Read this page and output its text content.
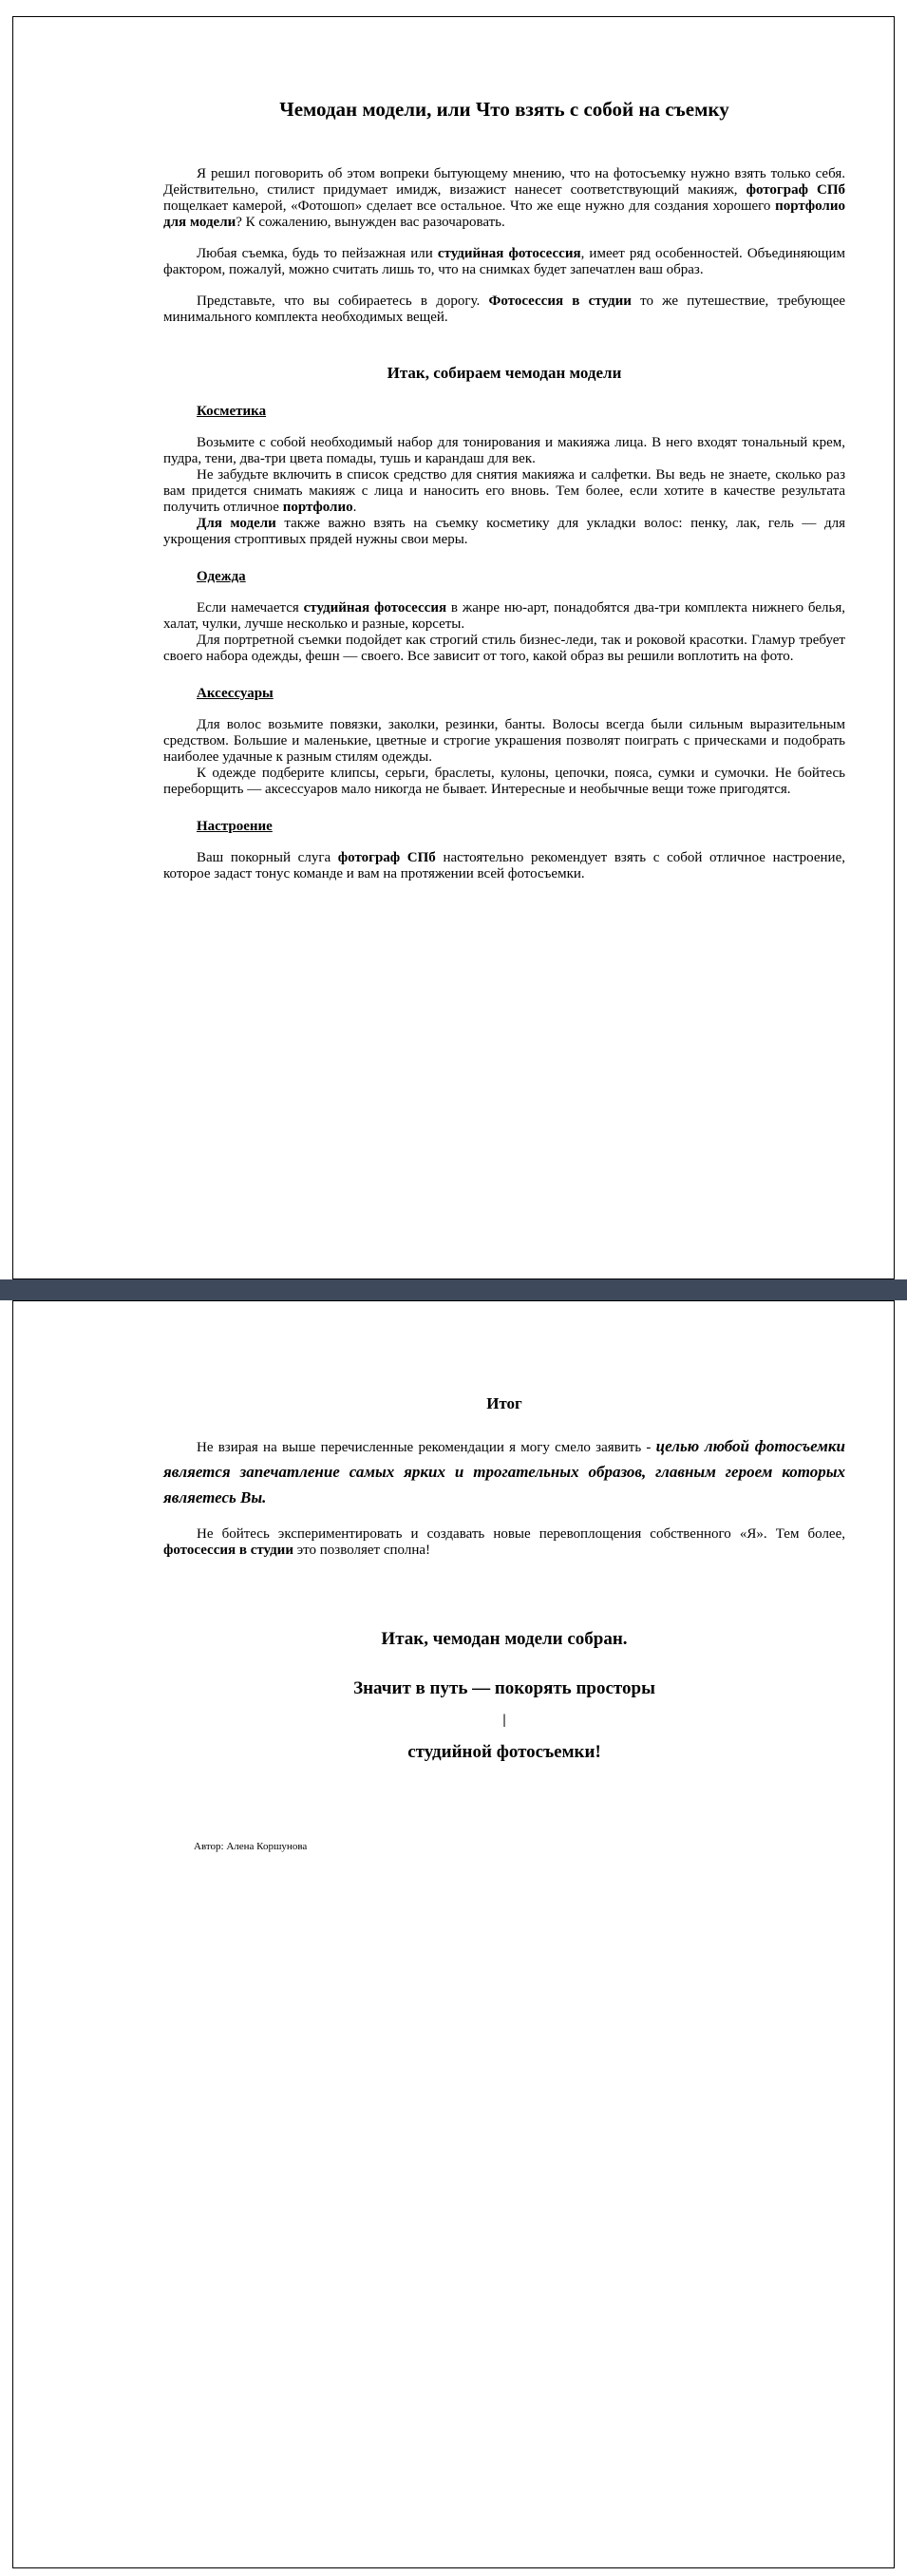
Чемодан модели, или Что взять с собой на съемку

Я решил поговорить об этом вопреки бытующему мнению, что на фотосъемку нужно взять только себя. Действительно, стилист придумает имидж, визажист нанесет соответствующий макияж, фотограф СПб пощелкает камерой, «Фотошоп» сделает все остальное. Что же еще нужно для создания хорошего портфолио для модели? К сожалению, вынужден вас разочаровать.

Любая съемка, будь то пейзажная или студийная фотосессия, имеет ряд особенностей. Объединяющим фактором, пожалуй, можно считать лишь то, что на снимках будет запечатлен ваш образ.

Представьте, что вы собираетесь в дорогу. Фотосессия в студии то же путешествие, требующее минимального комплекта необходимых вещей.

Итак, собираем чемодан модели
Косметика

Возьмите с собой необходимый набор для тонирования и макияжа лица. В него входят тональный крем, пудра, тени, два-три цвета помады, тушь и карандаш для век.

Не забудьте включить в список средство для снятия макияжа и салфетки. Вы ведь не знаете, сколько раз вам придется снимать макияж с лица и наносить его вновь. Тем более, если хотите в качестве результата получить отличное портфолио.

Для модели также важно взять на съемку косметику для укладки волос: пенку, лак, гель — для укрощения строптивых прядей нужны свои меры.

Одежда

Если намечается студийная фотосессия в жанре ню-арт, понадобятся два-три комплекта нижнего белья, халат, чулки, лучше несколько и разные, корсеты.

Для портретной съемки подойдет как строгий стиль бизнес-леди, так и роковой красотки. Гламур требует своего набора одежды, фешн — своего. Все зависит от того, какой образ вы решили воплотить на фото.

Аксессуары

Для волос возьмите повязки, заколки, резинки, банты. Волосы всегда были сильным выразительным средством. Большие и маленькие, цветные и строгие украшения позволят поиграть с прическами и подобрать наиболее удачные к разным стилям одежды.

К одежде подберите клипсы, серьги, браслеты, кулоны, цепочки, пояса, сумки и сумочки. Не бойтесь переборщить — аксессуаров мало никогда не бывает. Интересные и необычные вещи тоже пригодятся.

Настроение

Ваш покорный слуга фотограф СПб настоятельно рекомендует взять с собой отличное настроение, которое задаст тонус команде и вам на протяжении всей фотосъемки.

Итог

Не взирая на выше перечисленные рекомендации я могу смело заявить - целью любой фотосъемки является запечатление самых ярких и трогательных образов, главным героем которых являетесь Вы.

Не бойтесь экспериментировать и создавать новые перевоплощения собственного «Я». Тем более, фотосессия в студии это позволяет сполна!

Итак, чемодан модели собран.

Значит в путь — покорять просторы

|

студийной фотосъемки!

Автор: Алена Коршунова
